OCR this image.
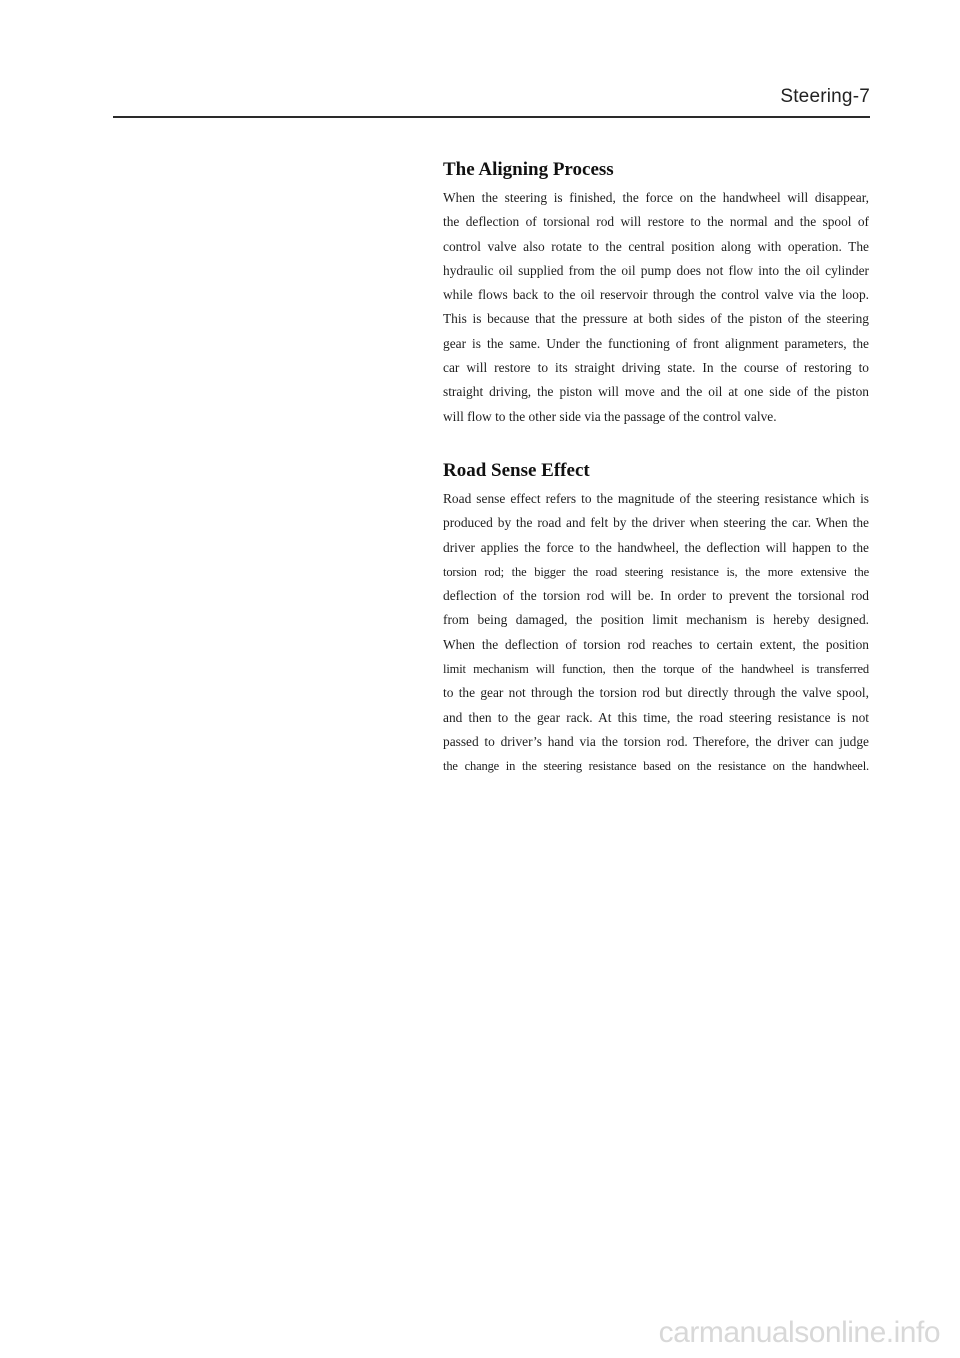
Steering-7
The Aligning Process
When the steering is finished, the force on the handwheel will disappear,
the deflection of torsional rod will restore to the normal and the spool of
control valve also rotate to the central position along with operation. The
hydraulic oil supplied from the oil pump does not flow into the oil cylinder
while flows back to the oil reservoir through the control valve via the loop.
This is because that the pressure at both sides of the piston of the steering
gear is the same. Under the functioning of front alignment parameters, the
car will restore to its straight driving state. In the course of restoring to
straight driving, the piston will move and the oil at one side of the piston
will flow to the other side via the passage of the control valve.
Road Sense Effect
Road sense effect refers to the magnitude of the steering resistance which is
produced by the road and felt by the driver when steering the car. When the
driver applies the force to the handwheel, the deflection will happen to the
torsion rod; the bigger the road steering resistance is, the more extensive the
deflection of the torsion rod will be. In order to prevent the torsional rod
from being damaged, the position limit mechanism is hereby designed.
When the deflection of torsion rod reaches to certain extent, the position
limit mechanism will function, then the torque of the handwheel is transferred
to the gear not through the torsion rod but directly through the valve spool,
and then to the gear rack. At this time, the road steering resistance is not
passed to driver’s hand via the torsion rod. Therefore, the driver can judge
the change in the steering resistance based on the resistance on the handwheel.
carmanualsonline.info
